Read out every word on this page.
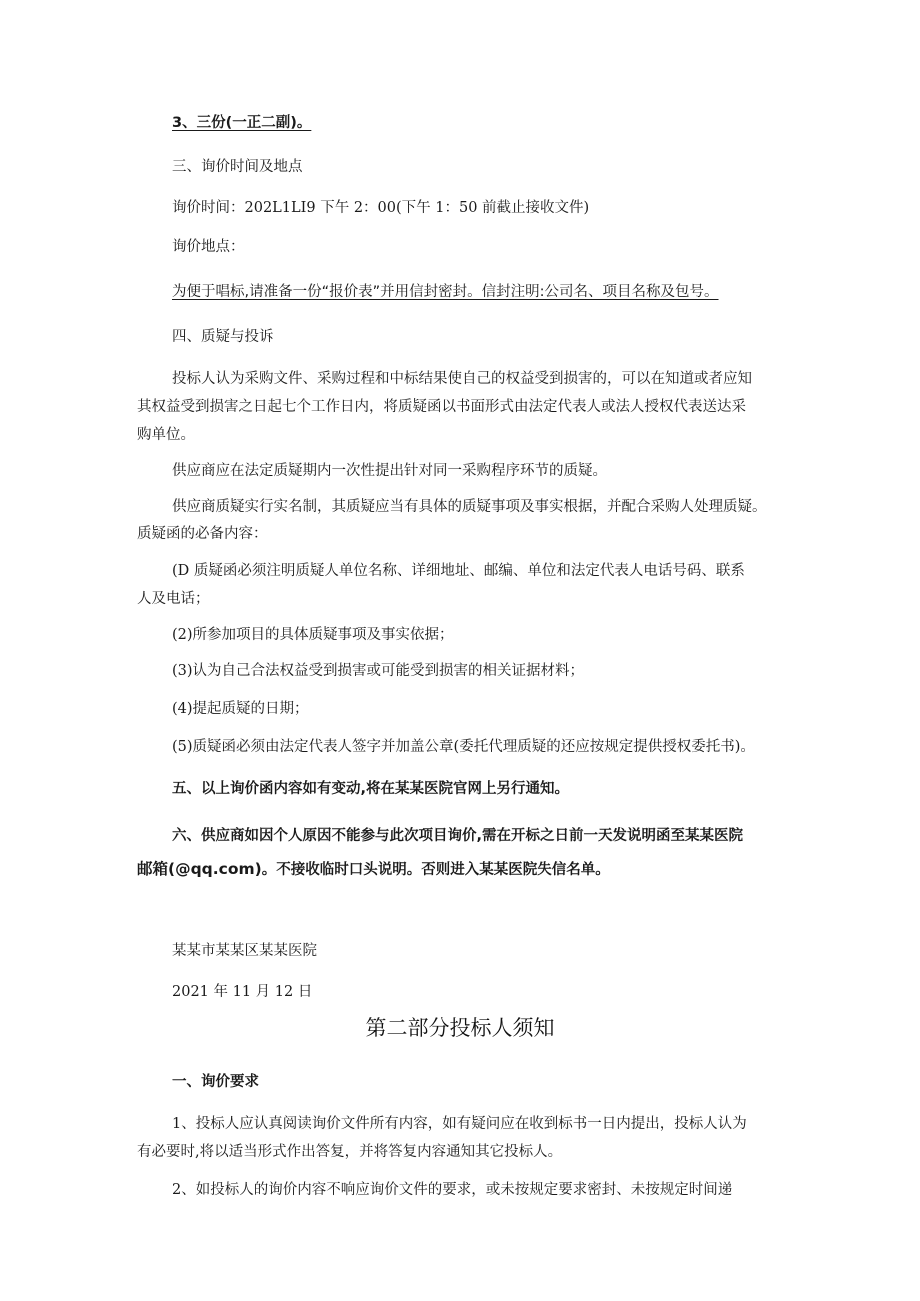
3、三份(一正二副)。
三、询价时间及地点
询价时间：202L1LI9 下午 2：00(下午 1：50 前截止接收文件)
询价地点：
为便于唱标,请准备一份“报价表”并用信封密封。信封注明:公司名、项目名称及包号。
四、质疑与投诉
投标人认为采购文件、采购过程和中标结果使自己的权益受到损害的，可以在知道或者应知
其权益受到损害之日起七个工作日内，将质疑函以书面形式由法定代表人或法人授权代表送达采
购单位。
供应商应在法定质疑期内一次性提出针对同一采购程序环节的质疑。
供应商质疑实行实名制，其质疑应当有具体的质疑事项及事实根据，并配合采购人处理质疑。
质疑函的必备内容：
(D 质疑函必须注明质疑人单位名称、详细地址、邮编、单位和法定代表人电话号码、联系
人及电话；
(2)所参加项目的具体质疑事项及事实依据；
(3)认为自己合法权益受到损害或可能受到损害的相关证据材料；
(4)提起质疑的日期；
(5)质疑函必须由法定代表人签字并加盖公章(委托代理质疑的还应按规定提供授权委托书)。
五、以上询价函内容如有变动,将在某某医院官网上另行通知。
六、供应商如因个人原因不能参与此次项目询价,需在开标之日前一天发说明函至某某医院
邮箱(@qq.com)。不接收临时口头说明。否则进入某某医院失信名单。
某某市某某区某某医院
2021 年 11 月 12 日
第二部分投标人须知
一、询价要求
1、投标人应认真阅读询价文件所有内容，如有疑问应在收到标书一日内提出，投标人认为
有必要时,将以适当形式作出答复，并将答复内容通知其它投标人。
2、如投标人的询价内容不响应询价文件的要求，或未按规定要求密封、未按规定时间递
